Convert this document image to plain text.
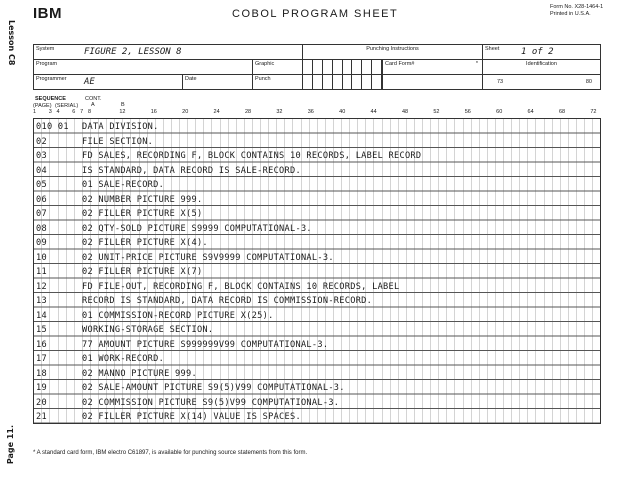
Lesson C8
Page 11.
IBM	COBOL PROGRAM SHEET
Form No. X28-1464-1
Printed in U.S.A.
System	FIGURE 2, LESSON 8	Punching Instructions	Sheet 1 of 2
Program	Graphic	Card Form#	*	Identification
Programmer AE	Date	Punch	73	80
SEQUENCE
(PAGE) (SERIAL)
CONT.
A	B
1 3 4 6 7 8	12	16	20	24	28	32	36	40	44	48	52	56	60	64	68	72
010 01	DATA DIVISION.
02	FILE SECTION.
03	FD SALES, RECORDING F, BLOCK CONTAINS 10 RECORDS, LABEL RECORD
04	IS STANDARD, DATA RECORD IS SALE-RECORD.
05	01 SALE-RECORD.
06	02 NUMBER PICTURE 999.
07	02 FILLER PICTURE X(5)
08	02 QTY-SOLD PICTURE S9999 COMPUTATIONAL-3.
09	02 FILLER PICTURE X(4).
10	02 UNIT-PRICE PICTURE S9V9999 COMPUTATIONAL-3.
11	02 FILLER PICTURE X(7)
12	FD FILE-OUT, RECORDING F, BLOCK CONTAINS 10 RECORDS, LABEL
13	RECORD IS STANDARD, DATA RECORD IS COMMISSION-RECORD.
14	01 COMMISSION-RECORD PICTURE X(25).
15	WORKING-STORAGE SECTION.
16	77 AMOUNT PICTURE S999999V99 COMPUTATIONAL-3.
17	01 WORK-RECORD.
18	02 MANNO PICTURE 999.
19	02 SALE-AMOUNT PICTURE S9(5)V99 COMPUTATIONAL-3.
20	02 COMMISSION PICTURE S9(5)V99 COMPUTATIONAL-3.
21	02 FILLER PICTURE X(14) VALUE IS SPACES.
* A standard card form, IBM electro C61897, is available for punching source statements from this form.
